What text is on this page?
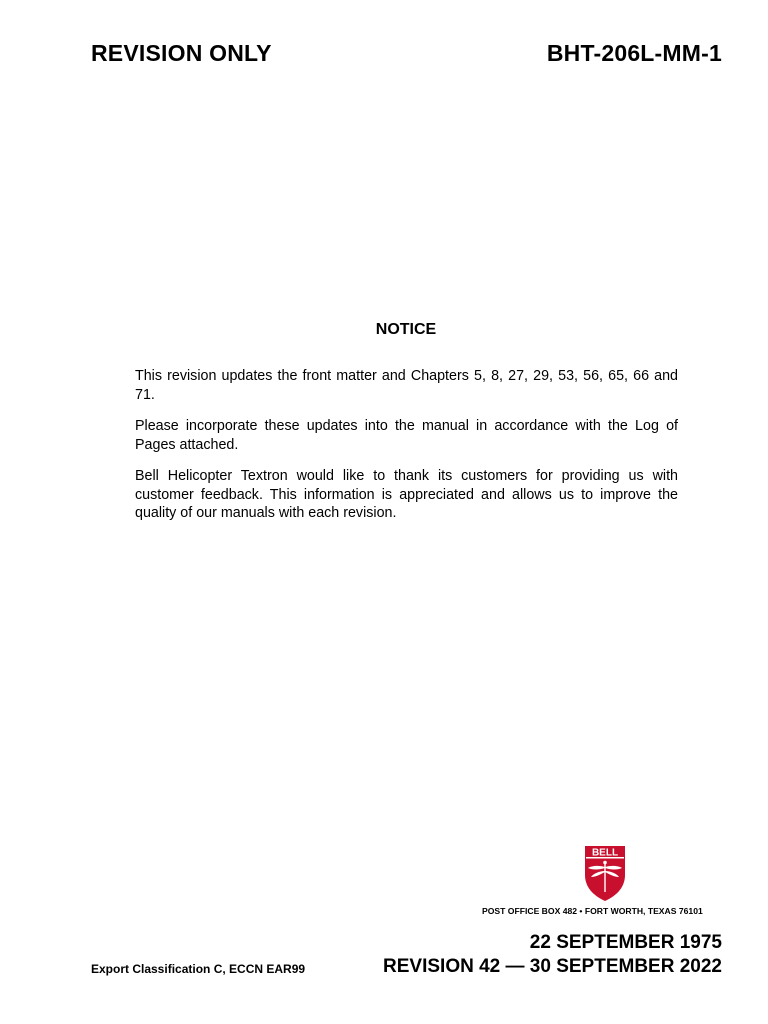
REVISION ONLY	BHT-206L-MM-1
NOTICE

This revision updates the front matter and Chapters 5, 8, 27, 29, 53, 56, 65, 66 and 71.

Please incorporate these updates into the manual in accordance with the Log of Pages attached.

Bell Helicopter Textron would like to thank its customers for providing us with customer feedback. This information is appreciated and allows us to improve the quality of our manuals with each revision.

BELL
POST OFFICE BOX 482 • FORT WORTH, TEXAS 76101
22 SEPTEMBER 1975
REVISION 42 — 30 SEPTEMBER 2022
Export Classification C, ECCN EAR99
